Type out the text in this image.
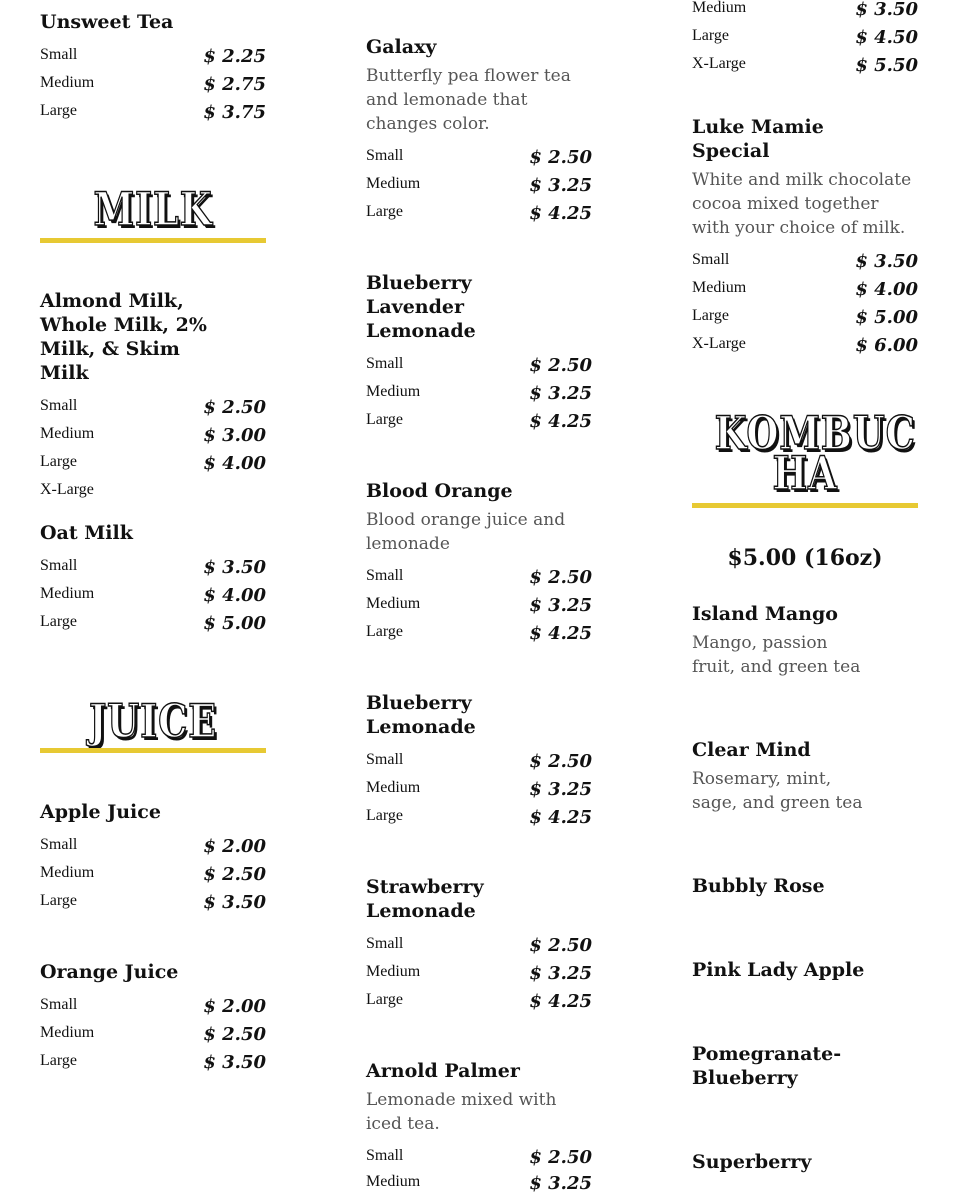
Unsweet Tea
Small	$ 2.25
Medium	$ 2.75
Large	$ 3.75
MILK
Almond Milk, Whole Milk, 2% Milk, & Skim Milk
Small	$ 2.50
Medium	$ 3.00
Large	$ 4.00
X-Large
Oat Milk
Small	$ 3.50
Medium	$ 4.00
Large	$ 5.00
JUICE
Apple Juice
Small	$ 2.00
Medium	$ 2.50
Large	$ 3.50
Orange Juice
Small	$ 2.00
Medium	$ 2.50
Large	$ 3.50
Galaxy
Butterfly pea flower tea and lemonade that changes color.
Small	$ 2.50
Medium	$ 3.25
Large	$ 4.25
Blueberry Lavender Lemonade
Small	$ 2.50
Medium	$ 3.25
Large	$ 4.25
Blood Orange
Blood orange juice and lemonade
Small	$ 2.50
Medium	$ 3.25
Large	$ 4.25
Blueberry Lemonade
Small	$ 2.50
Medium	$ 3.25
Large	$ 4.25
Strawberry Lemonade
Small	$ 2.50
Medium	$ 3.25
Large	$ 4.25
Arnold Palmer
Lemonade mixed with iced tea.
Small	$ 2.50
Medium	$ 3.25
Medium	$ 3.50
Large	$ 4.50
X-Large	$ 5.50
Luke Mamie Special
White and milk chocolate cocoa mixed together with your choice of milk.
Small	$ 3.50
Medium	$ 4.00
Large	$ 5.00
X-Large	$ 6.00
KOMBUC
HA
$5.00 (16oz)
Island Mango
Mango, passion fruit, and green tea
Clear Mind
Rosemary, mint, sage, and green tea
Bubbly Rose
Pink Lady Apple
Pomegranate-Blueberry
Superberry
